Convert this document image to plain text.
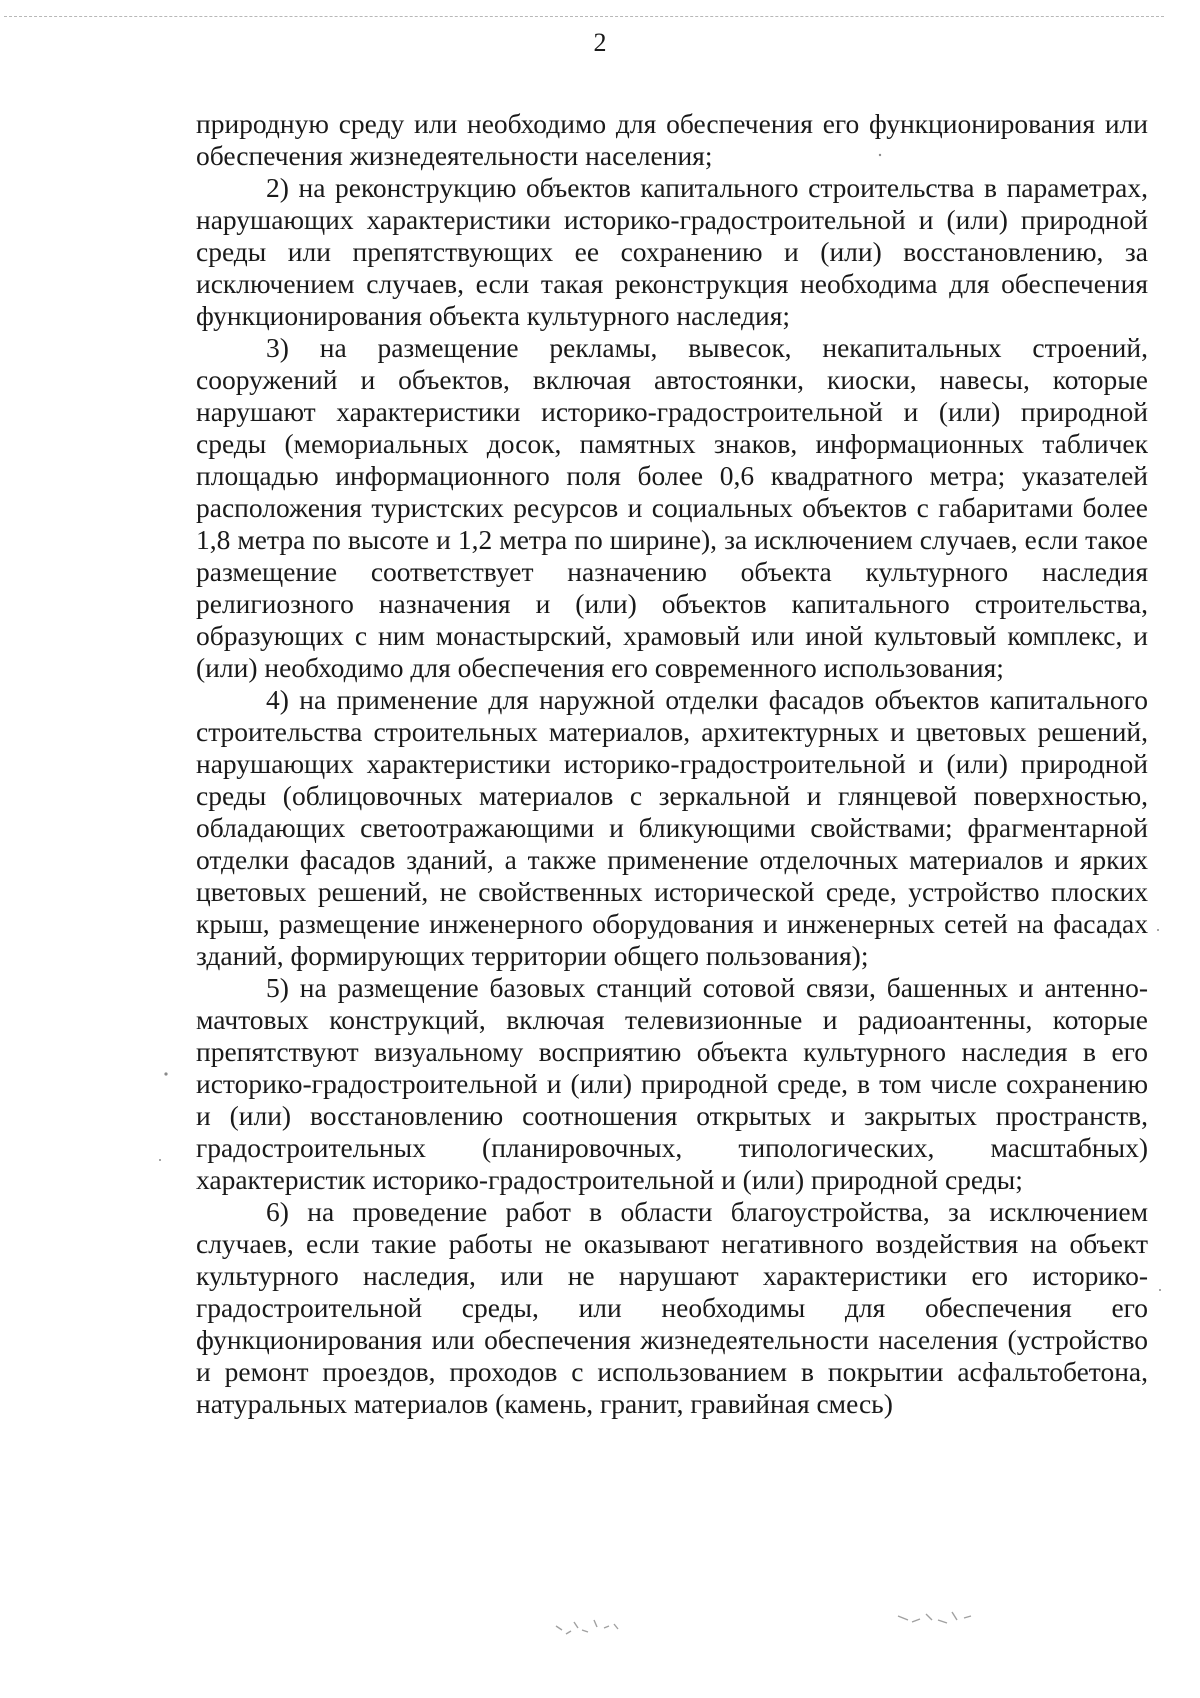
2

природную среду или необходимо для обеспечения его функционирования или обеспечения жизнедеятельности населения;

2) на реконструкцию объектов капитального строительства в параметрах, нарушающих характеристики историко-градостроительной и (или) природной среды или препятствующих ее сохранению и (или) восстановлению, за исключением случаев, если такая реконструкция необходима для обеспечения функционирования объекта культурного наследия;

3) на размещение рекламы, вывесок, некапитальных строений, сооружений и объектов, включая автостоянки, киоски, навесы, которые нарушают характеристики историко-градостроительной и (или) природной среды (мемориальных досок, памятных знаков, информационных табличек площадью информационного поля более 0,6 квадратного метра; указателей расположения туристских ресурсов и социальных объектов с габаритами более 1,8 метра по высоте и 1,2 метра по ширине), за исключением случаев, если такое размещение соответствует назначению объекта культурного наследия религиозного назначения и (или) объектов капитального строительства, образующих с ним монастырский, храмовый или иной культовый комплекс, и (или) необходимо для обеспечения его современного использования;

4) на применение для наружной отделки фасадов объектов капитального строительства строительных материалов, архитектурных и цветовых решений, нарушающих характеристики историко-градостроительной и (или) природной среды (облицовочных материалов с зеркальной и глянцевой поверхностью, обладающих светоотражающими и бликующими свойствами; фрагментарной отделки фасадов зданий, а также применение отделочных материалов и ярких цветовых решений, не свойственных исторической среде, устройство плоских крыш, размещение инженерного оборудования и инженерных сетей на фасадах зданий, формирующих территории общего пользования);

5) на размещение базовых станций сотовой связи, башенных и антенно-мачтовых конструкций, включая телевизионные и радиоантенны, которые препятствуют визуальному восприятию объекта культурного наследия в его историко-градостроительной и (или) природной среде, в том числе сохранению и (или) восстановлению соотношения открытых и закрытых пространств, градостроительных (планировочных, типологических, масштабных) характеристик историко-градостроительной и (или) природной среды;

6) на проведение работ в области благоустройства, за исключением случаев, если такие работы не оказывают негативного воздействия на объект культурного наследия, или не нарушают характеристики его историко-градостроительной среды, или необходимы для обеспечения его функционирования или обеспечения жизнедеятельности населения (устройство и ремонт проездов, проходов с использованием в покрытии асфальтобетона, натуральных материалов (камень, гранит, гравийная смесь)
